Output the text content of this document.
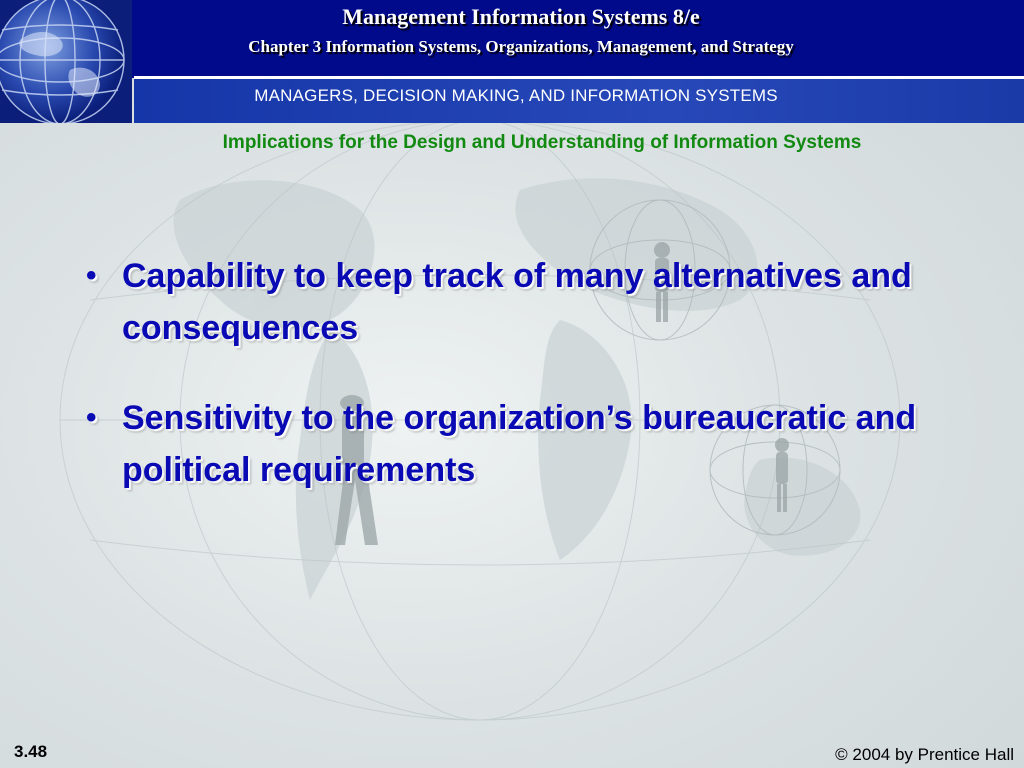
Management Information Systems 8/e
Chapter 3 Information Systems, Organizations, Management, and Strategy
MANAGERS, DECISION MAKING, AND INFORMATION SYSTEMS
Implications for the Design and Understanding of Information Systems
• Capability to keep track of many alternatives and consequences
• Sensitivity to the organization’s bureaucratic and political requirements
3.48	© 2004 by Prentice Hall
